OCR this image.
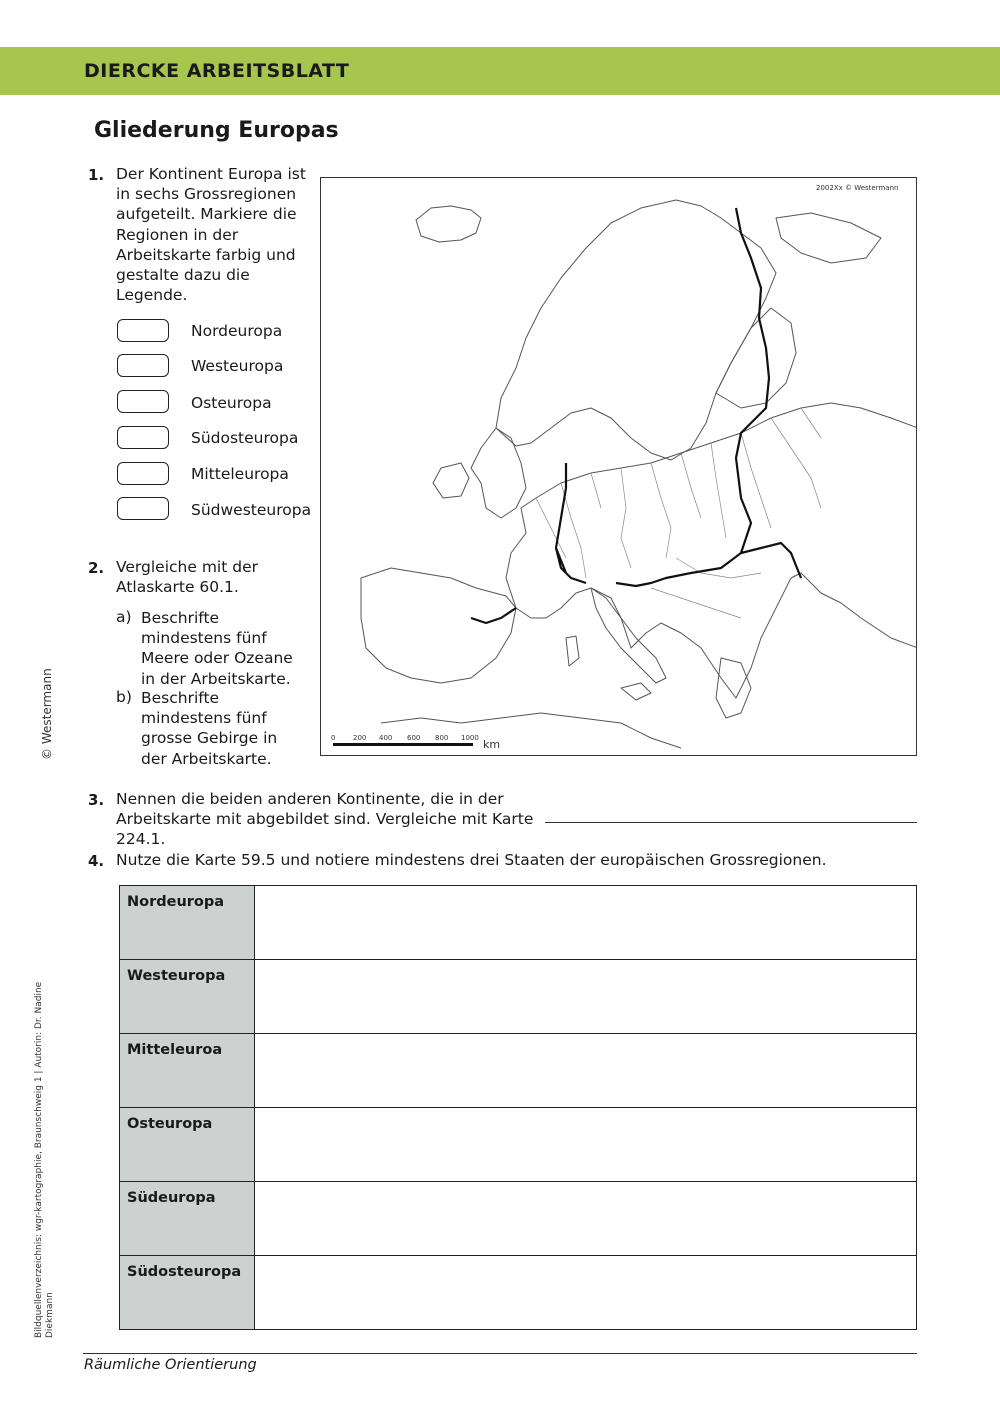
DIERCKE ARBEITSBLATT
Gliederung Europas
1. Der Kontinent Europa ist
in sechs Grossregionen
aufgeteilt. Markiere die
Regionen in der
Arbeitskarte farbig und
gestalte dazu die
Legende.
Nordeuropa
Westeuropa
Osteuropa
Südosteuropa
Mitteleuropa
Südwesteuropa
2. Vergleiche mit der
Atlaskarte 60.1.
a) Beschrifte
mindestens fünf
Meere oder Ozeane
in der Arbeitskarte.
b) Beschrifte
mindestens fünf
grosse Gebirge in
der Arbeitskarte.
2002Xx © Westermann
0	200 400 600 800 1000 km
3. Nennen die beiden anderen Kontinente, die in der
Arbeitskarte mit abgebildet sind. Vergleiche mit Karte
224.1.
4. Nutze die Karte 59.5 und notiere mindestens drei Staaten der europäischen Grossregionen.
Nordeuropa	
Westeuropa	
Mitteleuroa	
Osteuropa	
Südeuropa	
Südosteuropa	
© Westermann
Bildquellenverzeichnis: wgr-kartographie, Braunschweig 1 | Autorin: Dr. Nadine Diekmann
Räumliche Orientierung
